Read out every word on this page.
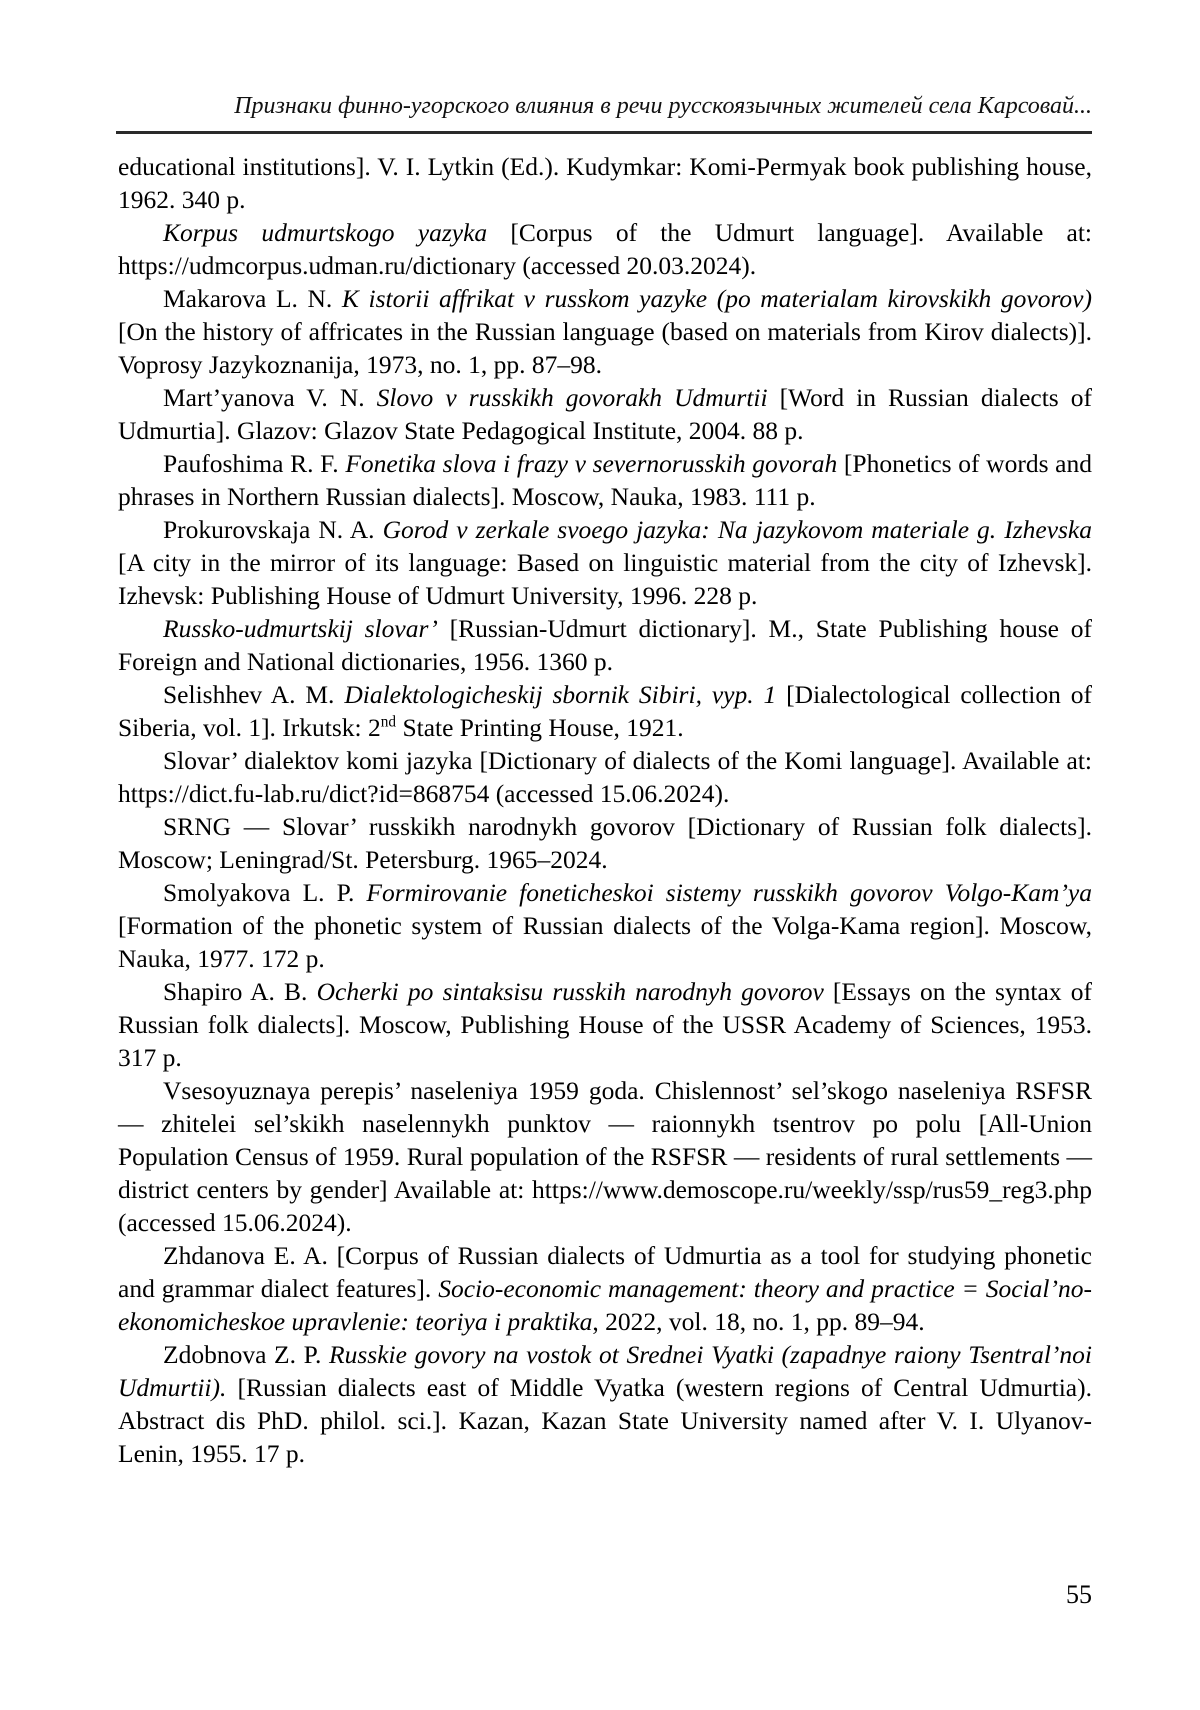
Признаки финно-угорского влияния в речи русскоязычных жителей села Карсовай...

educational institutions]. V. I. Lytkin (Ed.). Kudymkar: Komi-Permyak book publishing house, 1962. 340 p.

Korpus udmurtskogo yazyka [Corpus of the Udmurt language]. Available at: https://udmcorpus.udman.ru/dictionary (accessed 20.03.2024).

Makarova L. N. K istorii affrikat v russkom yazyke (po materialam kirovskikh govorov) [On the history of affricates in the Russian language (based on materials from Kirov dialects)]. Voprosy Jazykoznanija, 1973, no. 1, pp. 87–98.

Mart’yanova V. N. Slovo v russkikh govorakh Udmurtii [Word in Russian dialects of Udmurtia]. Glazov: Glazov State Pedagogical Institute, 2004. 88 p.

Paufoshima R. F. Fonetika slova i frazy v severnorusskih govorah [Phonetics of words and phrases in Northern Russian dialects]. Moscow, Nauka, 1983. 111 p.

Prokurovskaja N. A. Gorod v zerkale svoego jazyka: Na jazykovom materiale g. Izhevska [A city in the mirror of its language: Based on linguistic material from the city of Izhevsk]. Izhevsk: Publishing House of Udmurt University, 1996. 228 p.

Russko-udmurtskij slovar’ [Russian-Udmurt dictionary]. M., State Publishing house of Foreign and National dictionaries, 1956. 1360 p.

Selishhev A. M. Dialektologicheskij sbornik Sibiri, vyp. 1 [Dialectological collection of Siberia, vol. 1]. Irkutsk: 2nd State Printing House, 1921.

Slovar’ dialektov komi jazyka [Dictionary of dialects of the Komi language]. Available at: https://dict.fu-lab.ru/dict?id=868754 (accessed 15.06.2024).

SRNG — Slovar’ russkikh narodnykh govorov [Dictionary of Russian folk dialects]. Moscow; Leningrad/St. Petersburg. 1965–2024.

Smolyakova L. P. Formirovanie foneticheskoi sistemy russkikh govorov Volgo-Kam’ya [Formation of the phonetic system of Russian dialects of the Volga-Kama region]. Moscow, Nauka, 1977. 172 p.

Shapiro A. B. Ocherki po sintaksisu russkih narodnyh govorov [Essays on the syntax of Russian folk dialects]. Moscow, Publishing House of the USSR Academy of Sciences, 1953. 317 p.

Vsesoyuznaya perepis’ naseleniya 1959 goda. Chislennost’ sel’skogo naseleniya RSFSR — zhitelei sel’skikh naselennykh punktov — raionnykh tsentrov po polu [All-Union Population Census of 1959. Rural population of the RSFSR — residents of rural settlements — district centers by gender] Available at: https://www.demoscope.ru/weekly/ssp/rus59_reg3.php (accessed 15.06.2024).

Zhdanova E. A. [Corpus of Russian dialects of Udmurtia as a tool for studying phonetic and grammar dialect features]. Socio-economic management: theory and practice = Social’no-ekonomicheskoe upravlenie: teoriya i praktika, 2022, vol. 18, no. 1, pp. 89–94.

Zdobnova Z. P. Russkie govory na vostok ot Srednei Vyatki (zapadnye raiony Tsentral’noi Udmurtii). [Russian dialects east of Middle Vyatka (western regions of Central Udmurtia). Abstract dis PhD. philol. sci.]. Kazan, Kazan State University named after V. I. Ulyanov-Lenin, 1955. 17 p.

55
